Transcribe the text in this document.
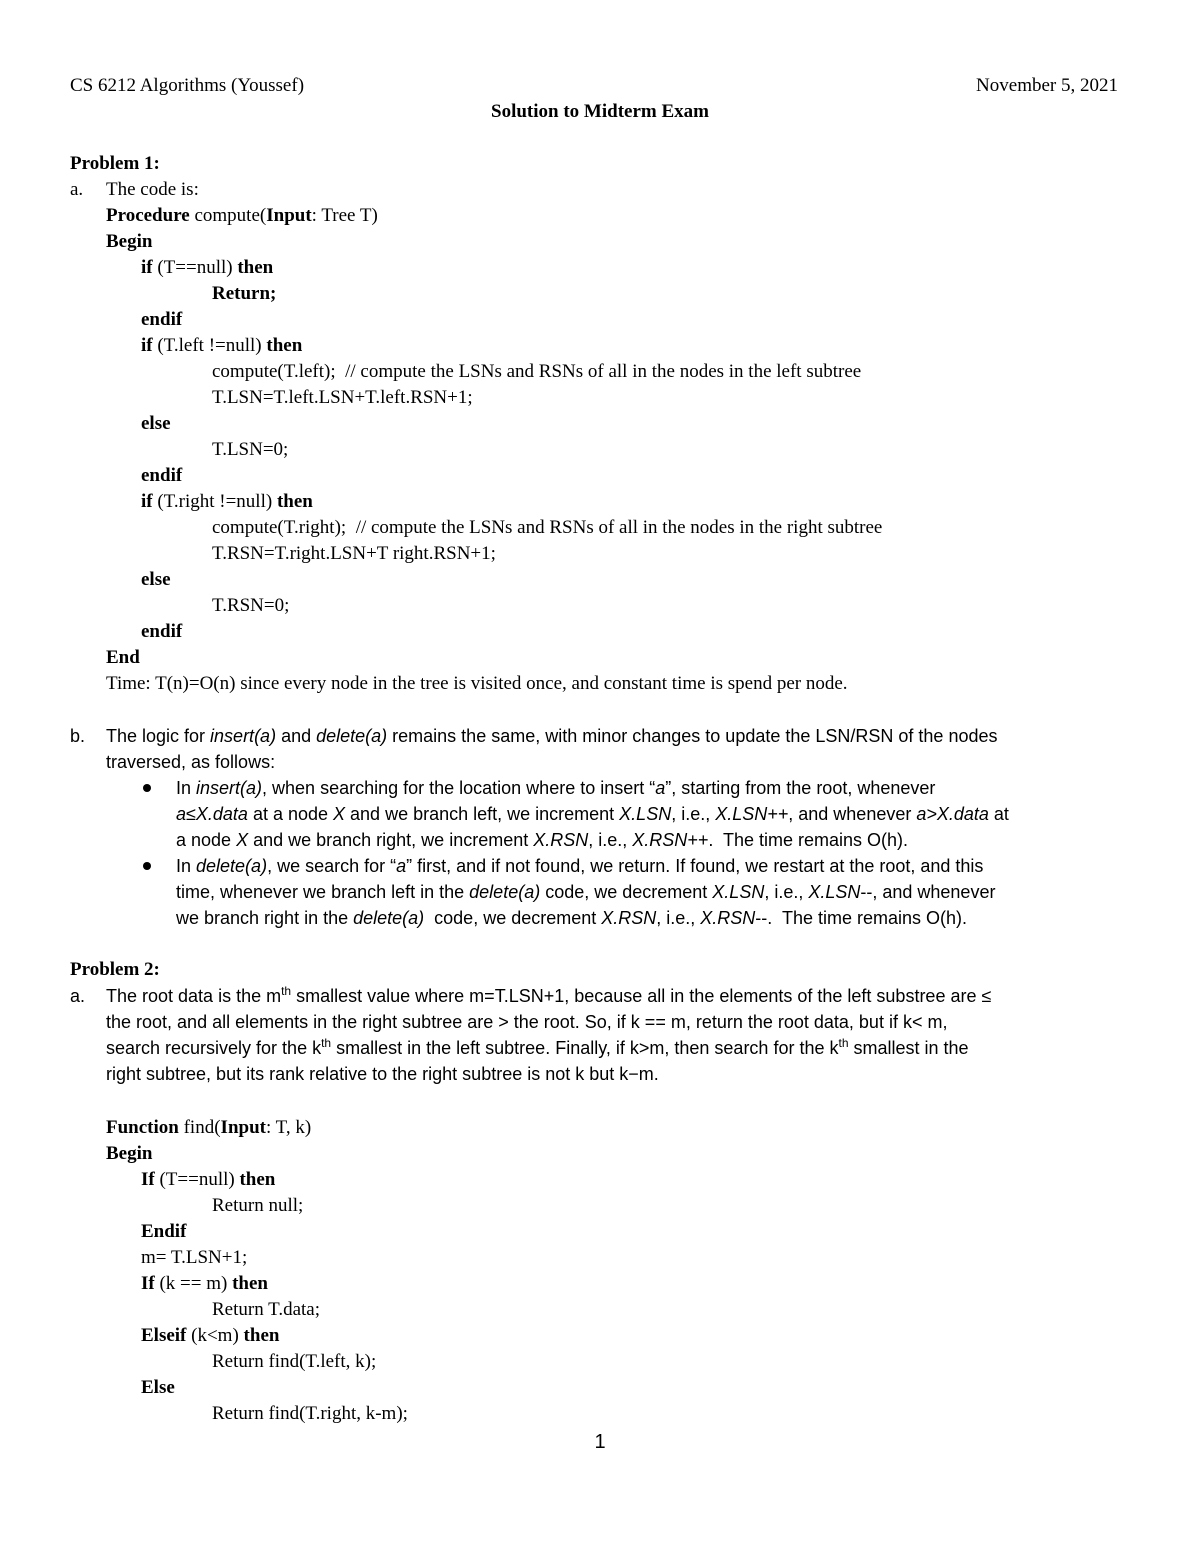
CS 6212 Algorithms (Youssef)	November 5, 2021
Solution to Midterm Exam
Problem 1:
a. The code is:
Procedure compute(Input: Tree T)
Begin
if (T==null) then
Return;
endif
if (T.left !=null) then
compute(T.left);  // compute the LSNs and RSNs of all in the nodes in the left subtree
T.LSN=T.left.LSN+T.left.RSN+1;
else
T.LSN=0;
endif
if (T.right !=null) then
compute(T.right);  // compute the LSNs and RSNs of all in the nodes in the right subtree
T.RSN=T.right.LSN+T right.RSN+1;
else
T.RSN=0;
endif
End
Time: T(n)=O(n) since every node in the tree is visited once, and constant time is spend per node.
b. The logic for insert(a) and delete(a) remains the same, with minor changes to update the LSN/RSN of the nodes
traversed, as follows:
In insert(a), when searching for the location where to insert “a”, starting from the root, whenever
a≤X.data at a node X and we branch left, we increment X.LSN, i.e., X.LSN++, and whenever a>X.data at
a node X and we branch right, we increment X.RSN, i.e., X.RSN++.  The time remains O(h).
In delete(a), we search for “a” first, and if not found, we return. If found, we restart at the root, and this
time, whenever we branch left in the delete(a) code, we decrement X.LSN, i.e., X.LSN--, and whenever
we branch right in the delete(a)  code, we decrement X.RSN, i.e., X.RSN--.  The time remains O(h).
Problem 2:
a. The root data is the $m^{th}$ smallest value where m=T.LSN+1, because all in the elements of the left substree are ≤
the root, and all elements in the right subtree are > the root. So, if k == m, return the root data, but if k< m,
search recursively for the $k^{th}$ smallest in the left subtree. Finally, if k>m, then search for the $k^{th}$ smallest in the
right subtree, but its rank relative to the right subtree is not k but k−m.
Function find(Input: T, k)
Begin
If (T==null) then
Return null;
Endif
m= T.LSN+1;
If (k == m) then
Return T.data;
Elseif (k<m) then
Return find(T.left, k);
Else
Return find(T.right, k-m);
1
